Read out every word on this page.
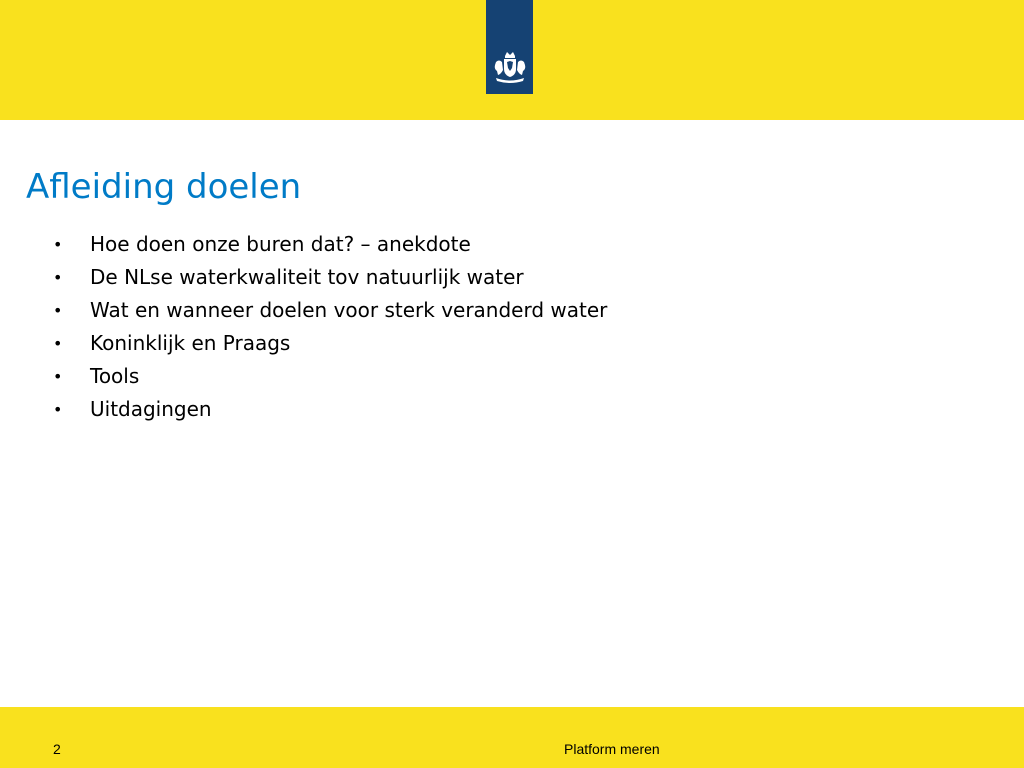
Afleiding doelen
• Hoe doen onze buren dat? – anekdote
• De NLse waterkwaliteit tov natuurlijk water
• Wat en wanneer doelen voor sterk veranderd water
• Koninklijk en Praags
• Tools
• Uitdagingen
2	Platform meren
